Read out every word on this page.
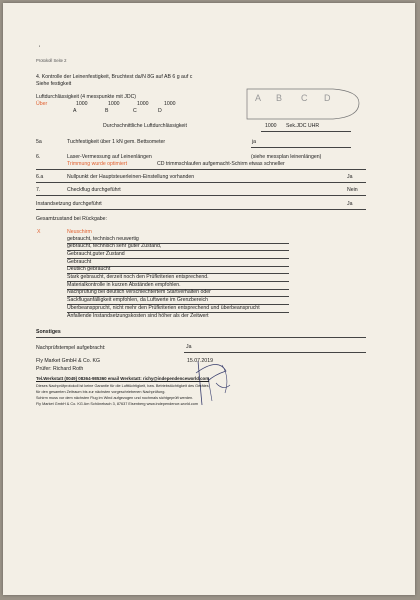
'
Protokoll Seite 2
4. Kontrolle der Leinenfestigkeit, Bruchtest da/N 8G auf AB 6 g auf c
Siehe festigkeit
Luftdurchlässigkeit (4 messpunkte mit JDC)
Über	1000	1000	1000	1000
A	B	C	D
A B C D
Durchschnittliche Luftdurchlässigkeit	1000 Sek.JDC UHR
5a	Tuchfestigkeit über 1 kN gem. Bettsometer	ja
6.	Laser-Vermessung auf Leinenlängen	(siehe messplan leinenlängen)
Trimmung wurde optimiert	CD trimmschlaufen aufgemacht-Schirm etwas schneller
6.a	Nullpunkt der Hauptsteuerleinen-Einstellung vorhanden	Ja
7.	Checkflug durchgeführt	Nein
Instandsetzung durchgeführt	Ja
Gesamtzustand bei Rückgabe:
X	Neuschirm
gebraucht, technisch neuwertig
gebraucht, technisch sehr guter Zustand,
Gebraucht,guter Zustand
Gebraucht
Deutlich gebraucht
Stark gebraucht, derzeit noch den Prüfkriterien entsprechend.
Materialkontrolle in kurzen Abständen empfohlen.
Nachprüfung bei deutlich verschlechtertem Startverhalten oder
Sackfluganfälligkeit empfohlen, da Luftwerte im Grenzbereich
Überbeanspprucht, nicht mehr den Prüfkriterien entsprechend und überbeansprucht
Anfallende Instandsetzungskosten sind höher als der Zeitwert
Sonstiges
Nachprüfstempel aufgebracht:	Ja
Fly Market GmbH & Co. KG	15.07.2019
Prüfer: Richard Roth
Tel.Werkstatt (0049) 08364-985360 email Werkstatt: richy@independenceworld.com
Dieses Nachprüfprotokoll ist keine Garantie für die Lufttüchtigkeit, bzw. Betriebstüchtigkeit des Gerätes
für den gesamten Zeitraum bis zur nächsten vorgeschriebenen Nachprüfung.
Schirm muss vor dem nächsten Flug im Wind aufgezogen und nochmals sichtgeprüft werden.
Fly Market GmbH & Co. KG Am Schönebach 3, 87637 Eisenberg www.independence-world.com
